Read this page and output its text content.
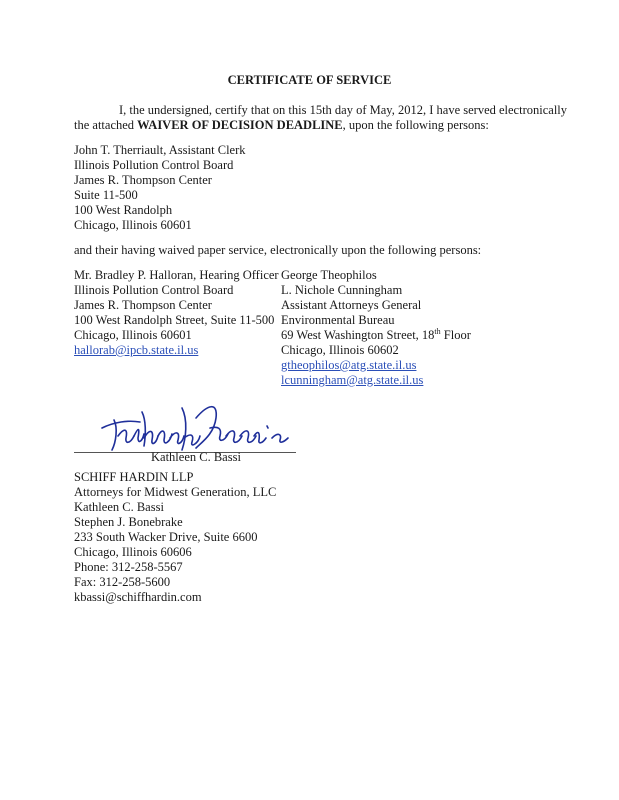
CERTIFICATE OF SERVICE
I, the undersigned, certify that on this 15th day of May, 2012, I have served electronically
the attached WAIVER OF DECISION DEADLINE, upon the following persons:
John T. Therriault, Assistant Clerk
Illinois Pollution Control Board
James R. Thompson Center
Suite 11-500
100 West Randolph
Chicago, Illinois 60601
and their having waived paper service, electronically upon the following persons:
Mr. Bradley P. Halloran, Hearing Officer
Illinois Pollution Control Board
James R. Thompson Center
100 West Randolph Street, Suite 11-500
Chicago, Illinois 60601
hallorab@ipcb.state.il.us
George Theophilos
L. Nichole Cunningham
Assistant Attorneys General
Environmental Bureau
69 West Washington Street, 18th Floor
Chicago, Illinois 60602
gtheophilos@atg.state.il.us
lcunningham@atg.state.il.us
Kathleen C. Bassi
SCHIFF HARDIN LLP
Attorneys for Midwest Generation, LLC
Kathleen C. Bassi
Stephen J. Bonebrake
233 South Wacker Drive, Suite 6600
Chicago, Illinois 60606
Phone: 312-258-5567
Fax: 312-258-5600
kbassi@schiffhardin.com
